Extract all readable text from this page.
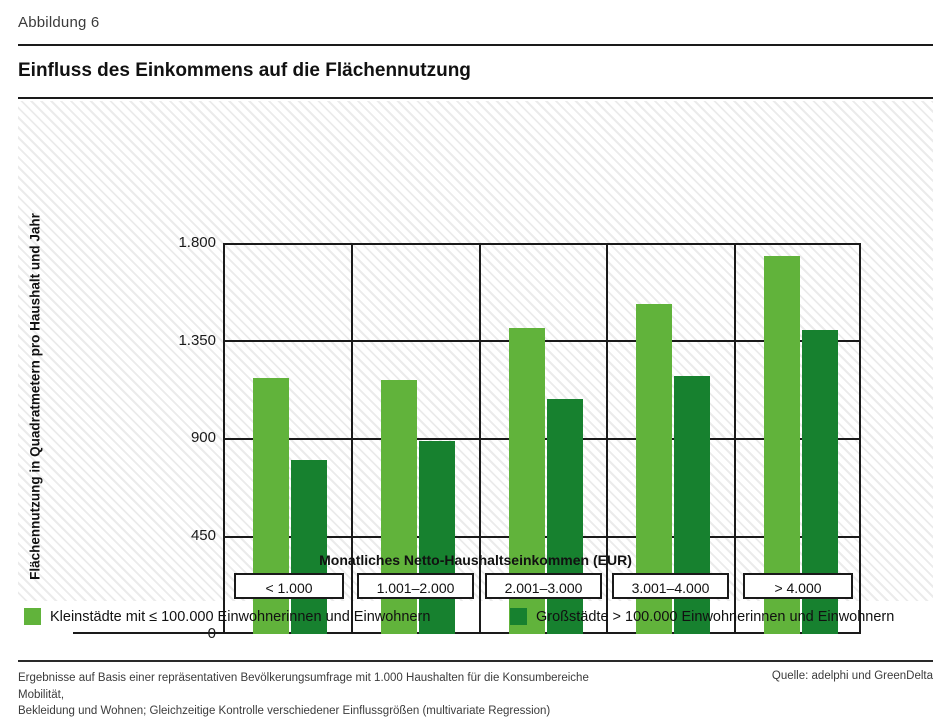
Abbildung 6
Einfluss des Einkommens auf die Flächennutzung
Flächennutzung in Quadratmetern pro Haushalt und Jahr	1.800
1.350
900
450
< 1.000	1.001–2.000	2.001–3.000	3.001–4.000	> 4.000
Monatliches Netto-Haushaltseinkommen (EUR)
Kleinstädte mit ≤ 100.000 Einwohnerinnen und Einwohnern	Großstädte > 100.000 Einwohnerinnen und Einwohnern
Ergebnisse auf Basis einer repräsentativen Bevölkerungsumfrage mit 1.000 Haushalten für die Konsumbereiche Mobilität,
Bekleidung und Wohnen; Gleichzeitige Kontrolle verschiedener Einflussgrößen (multivariate Regression)
Quelle: adelphi und GreenDelta
